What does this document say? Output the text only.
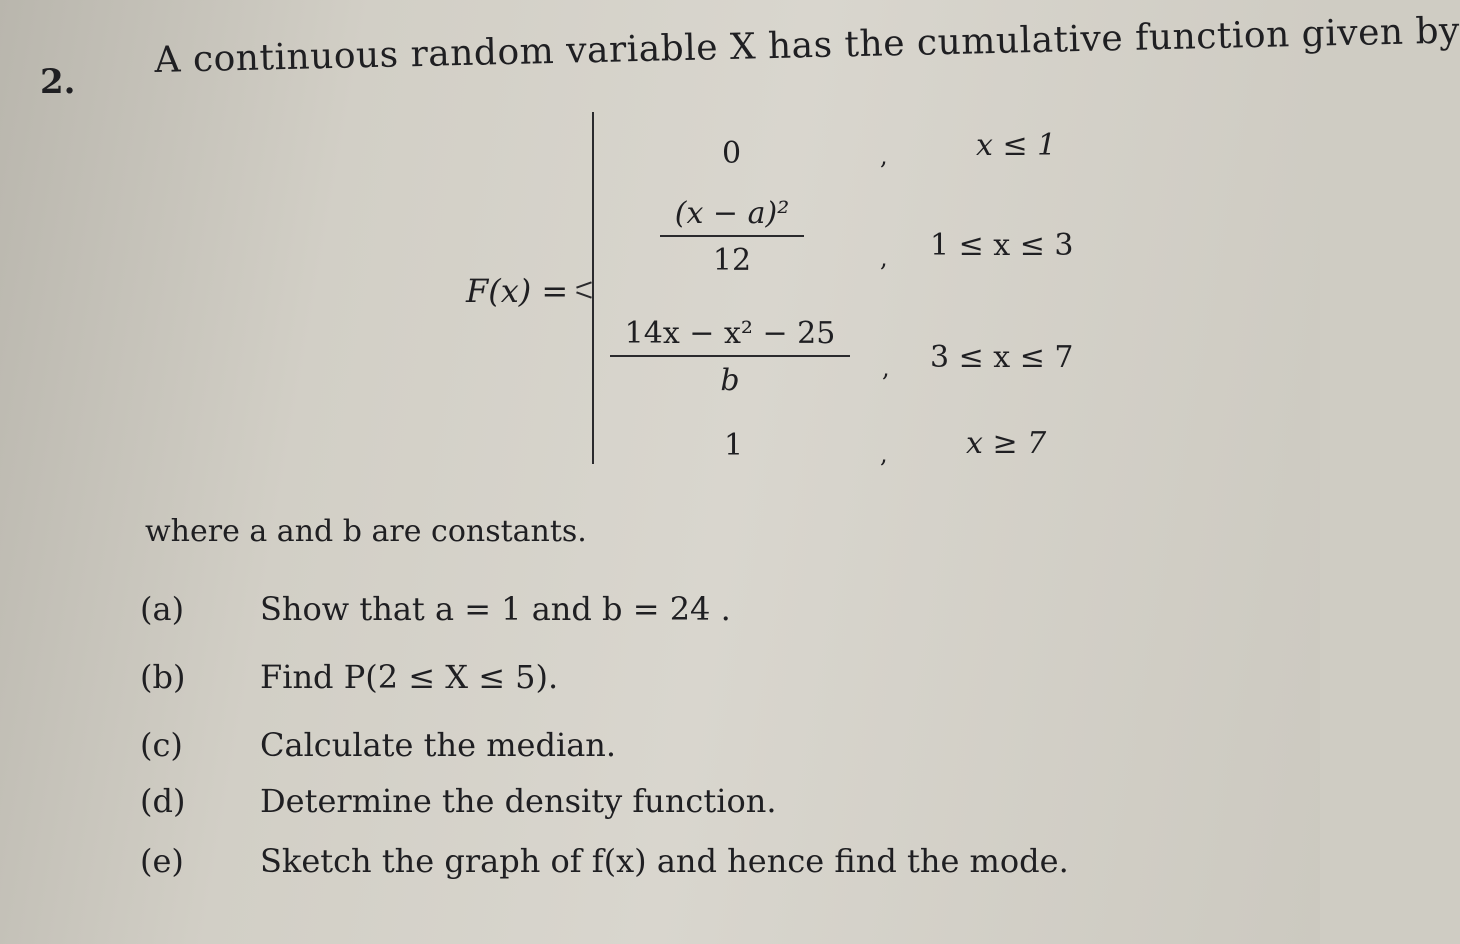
2.
A continuous random variable X has the cumulative function given by
F(x) =
0	,	x ≤ 1
(x − a)²
12	, 1 ≤ x ≤ 3
14x − x² − 25
b	, 3 ≤ x ≤ 7
1	,	x ≥ 7
where a and b are constants.
(a) Show that a = 1 and b = 24 .
(b) Find P(2 ≤ X ≤ 5).
(c) Calculate the median.
(d) Determine the density function.
(e) Sketch the graph of f(x) and hence find the mode.
